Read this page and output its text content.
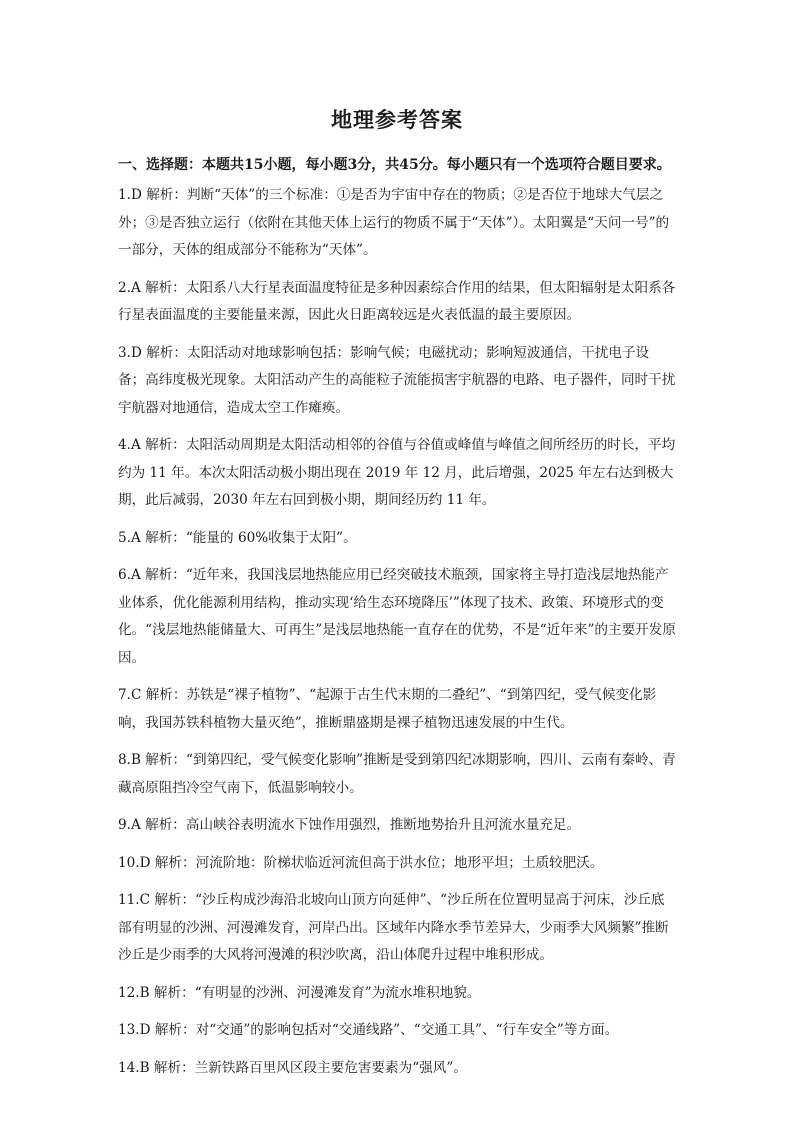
地理参考答案
一、选择题：本题共15小题，每小题3分，共45分。每小题只有一个选项符合题目要求。

1.D 解析：判断“天体”的三个标准：①是否为宇宙中存在的物质；②是否位于地球大气层之外；③是否独立运行（依附在其他天体上运行的物质不属于“天体”）。太阳翼是“天问一号”的一部分，天体的组成部分不能称为“天体”。

2.A 解析：太阳系八大行星表面温度特征是多种因素综合作用的结果，但太阳辐射是太阳系各行星表面温度的主要能量来源，因此火日距离较远是火表低温的最主要原因。

3.D 解析：太阳活动对地球影响包括：影响气候；电磁扰动；影响短波通信，干扰电子设备；高纬度极光现象。太阳活动产生的高能粒子流能损害宇航器的电路、电子器件，同时干扰宇航器对地通信，造成太空工作瘫痪。

4.A 解析：太阳活动周期是太阳活动相邻的谷值与谷值或峰值与峰值之间所经历的时长，平均约为 11 年。本次太阳活动极小期出现在 2019 年 12 月，此后增强，2025 年左右达到极大期，此后减弱，2030 年左右回到极小期，期间经历约 11 年。

5.A 解析：“能量的 60%收集于太阳”。

6.A 解析：“近年来，我国浅层地热能应用已经突破技术瓶颈，国家将主导打造浅层地热能产业体系，优化能源利用结构，推动实现‘给生态环境降压’”体现了技术、政策、环境形式的变化。“浅层地热能储量大、可再生”是浅层地热能一直存在的优势，不是“近年来”的主要开发原因。

7.C 解析：苏铁是“裸子植物”、“起源于古生代末期的二叠纪”、“到第四纪，受气候变化影响，我国苏铁科植物大量灭绝”，推断鼎盛期是裸子植物迅速发展的中生代。

8.B 解析：“到第四纪，受气候变化影响”推断是受到第四纪冰期影响，四川、云南有秦岭、青藏高原阻挡冷空气南下，低温影响较小。

9.A 解析：高山峡谷表明流水下蚀作用强烈，推断地势抬升且河流水量充足。

10.D 解析：河流阶地：阶梯状临近河流但高于洪水位；地形平坦；土质较肥沃。

11.C 解析：“沙丘构成沙海沿北坡向山顶方向延伸”、“沙丘所在位置明显高于河床，沙丘底部有明显的沙洲、河漫滩发育，河岸凸出。区域年内降水季节差异大，少雨季大风频繁”推断沙丘是少雨季的大风将河漫滩的积沙吹离，沿山体爬升过程中堆积形成。

12.B 解析：“有明显的沙洲、河漫滩发育”为流水堆积地貌。

13.D 解析：对“交通”的影响包括对“交通线路”、“交通工具”、“行车安全”等方面。

14.B 解析：兰新铁路百里风区段主要危害要素为“强风”。
